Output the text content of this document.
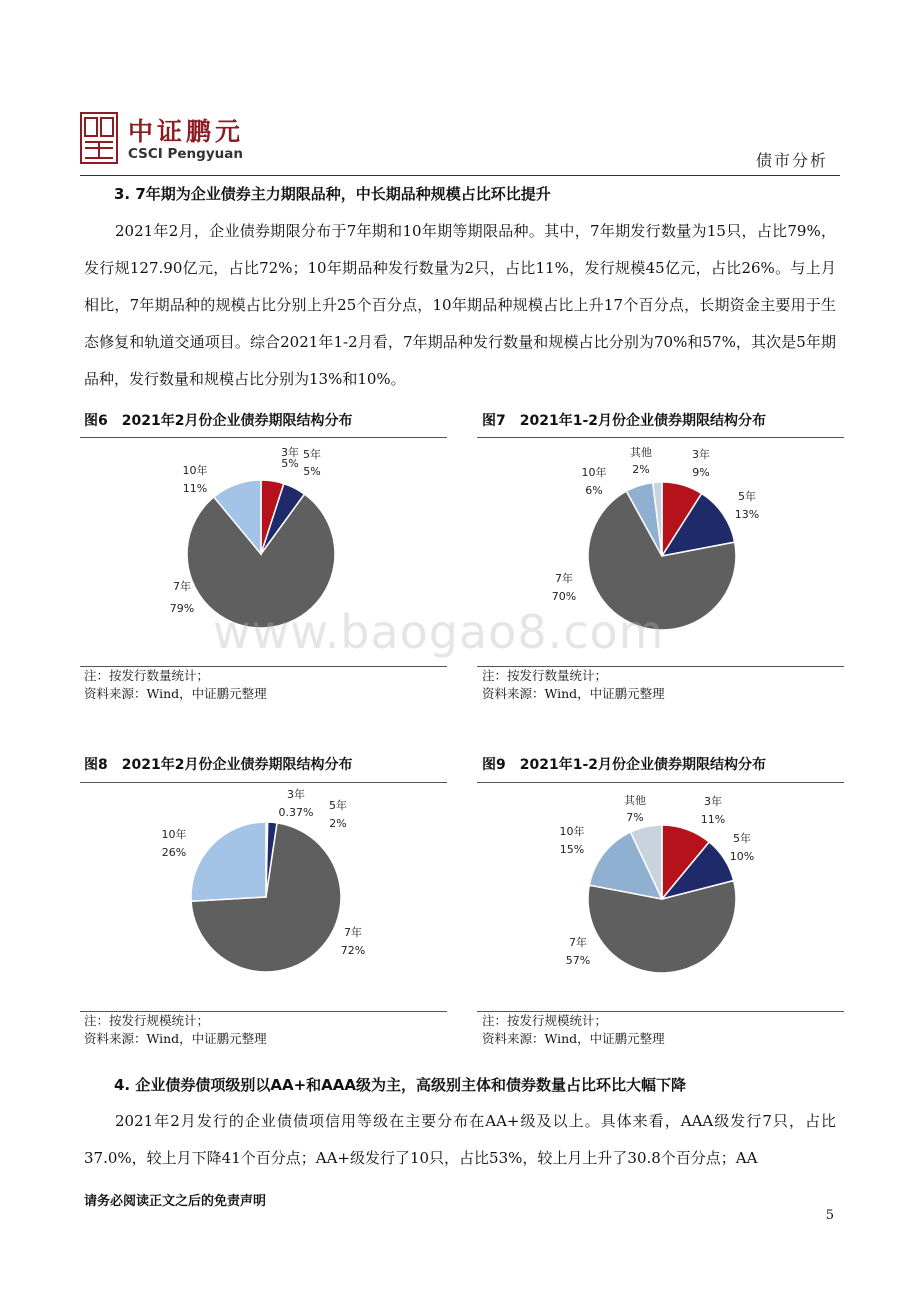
中证鹏元
CSCI Pengyuan	债市分析
3. 7年期为企业债券主力期限品种，中长期品种规模占比环比提升
2021年2月，企业债券期限分布于7年期和10年期等期限品种。其中，7年期发行数量为15只，占比79%，发行规127.90亿元，占比72%；10年期品种发行数量为2只，占比11%，发行规模45亿元，占比26%。与上月相比，7年期品种的规模占比分别上升25个百分点，10年期品种规模占比上升17个百分点，长期资金主要用于生态修复和轨道交通项目。综合2021年1-2月看，7年期品种发行数量和规模占比分别为70%和57%，其次是5年期品种，发行数量和规模占比分别为13%和10%。
图6　2021年2月份企业债券期限结构分布
3年
5%
5年
5%
7年
79%
10年
11%
注：按发行数量统计；
资料来源：Wind，中证鹏元整理
图7　2021年1-2月份企业债券期限结构分布
3年
9%
5年
13%
7年
70%
10年
6%
其他
2%
注：按发行数量统计；
资料来源：Wind，中证鹏元整理
图8　2021年2月份企业债券期限结构分布
3年
0.37%
5年
2%
7年
72%
10年
26%
注：按发行规模统计；
资料来源：Wind，中证鹏元整理
图9　2021年1-2月份企业债券期限结构分布
3年
11%
5年
10%
7年
57%
10年
15%
其他
7%
注：按发行规模统计；
资料来源：Wind，中证鹏元整理
4. 企业债券债项级别以AA+和AAA级为主，高级别主体和债券数量占比环比大幅下降
2021年2月发行的企业债债项信用等级在主要分布在AA+级及以上。具体来看，AAA级发行7只，占比37.0%，较上月下降41个百分点；AA+级发行了10只，占比53%，较上月上升了30.8个百分点；AA
www.baogao8.com
请务必阅读正文之后的免责声明
5
